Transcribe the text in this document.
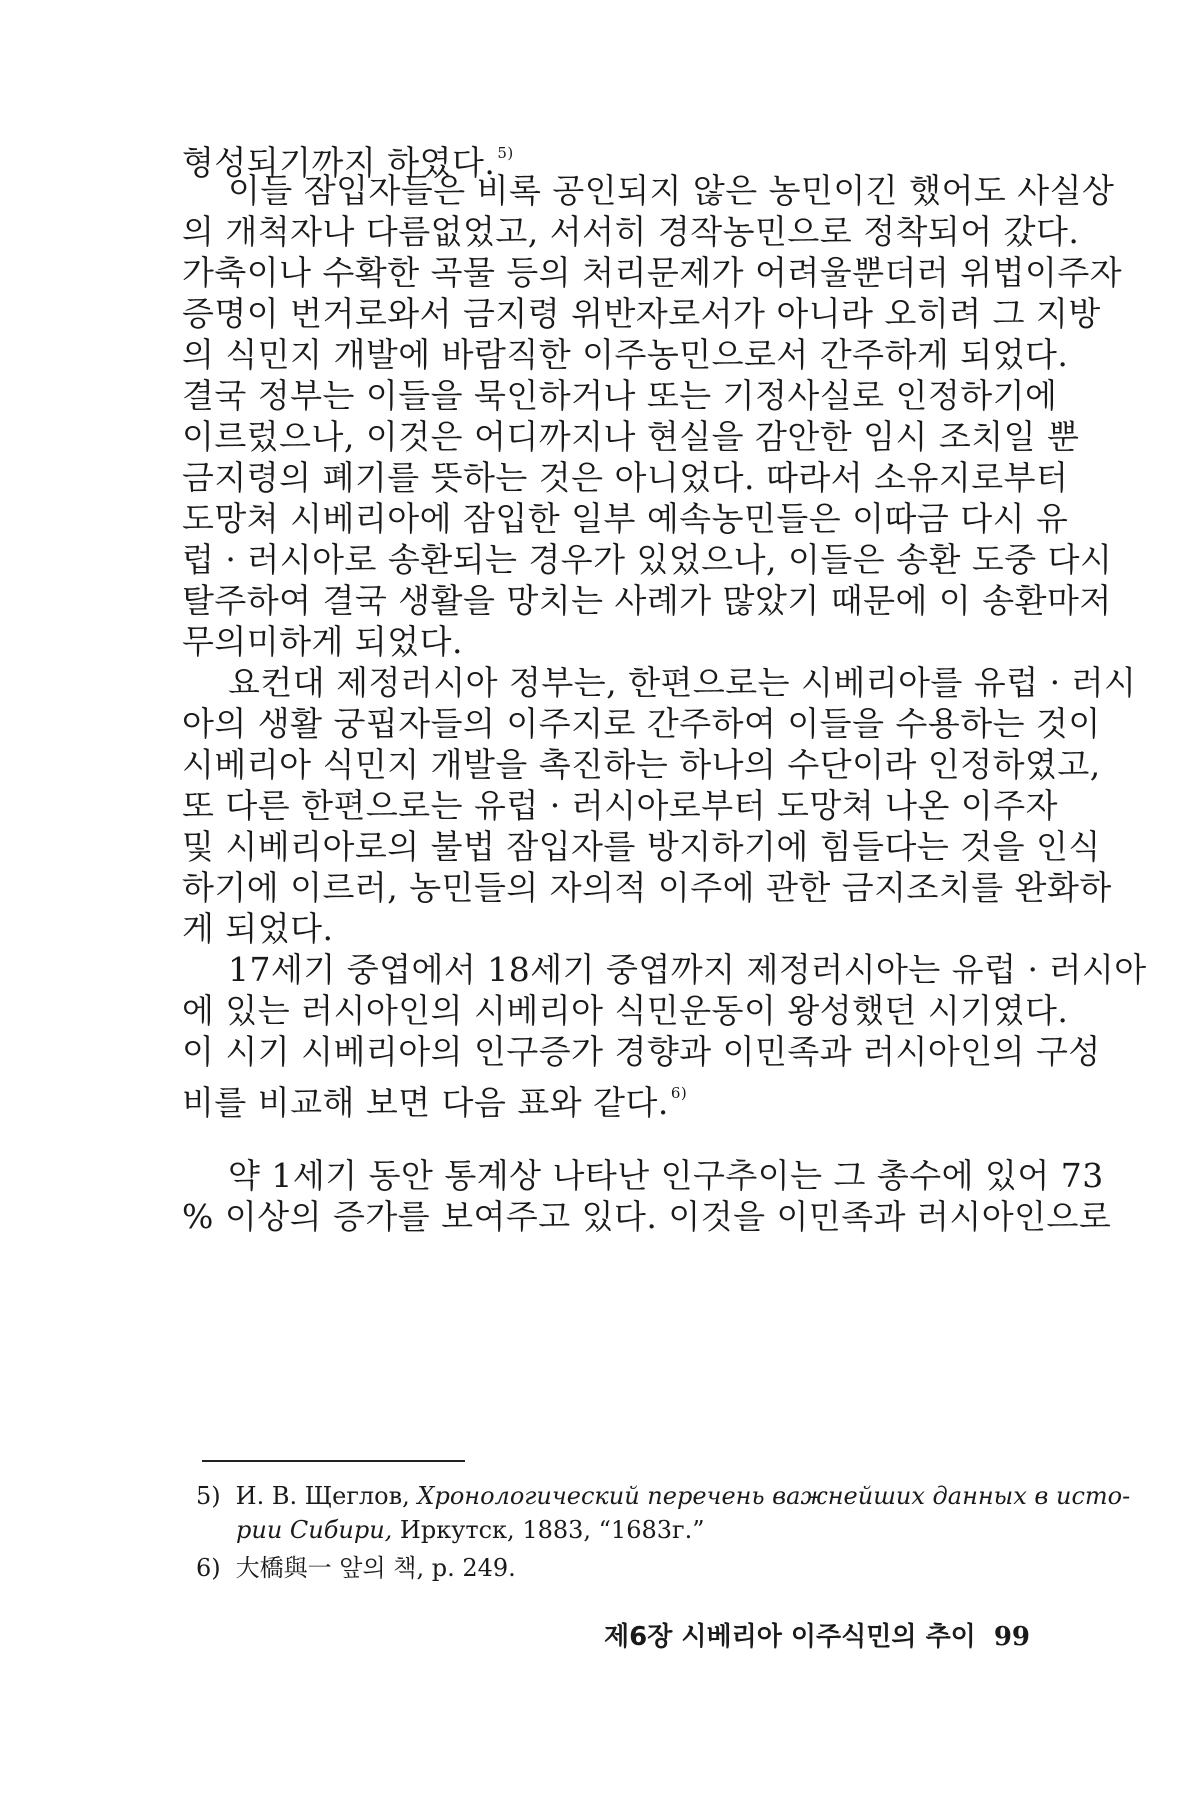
형성되기까지 하였다. $^{5)}$
이들 잠입자들은 비록 공인되지 않은 농민이긴 했어도 사실상
의 개척자나 다름없었고, 서서히 경작농민으로 정착되어 갔다.
가축이나 수확한 곡물 등의 처리문제가 어려울뿐더러 위법이주자
증명이 번거로와서 금지령 위반자로서가 아니라 오히려 그 지방
의 식민지 개발에 바람직한 이주농민으로서 간주하게 되었다.
결국 정부는 이들을 묵인하거나 또는 기정사실로 인정하기에
이르렀으나, 이것은 어디까지나 현실을 감안한 임시 조치일 뿐
금지령의 폐기를 뜻하는 것은 아니었다. 따라서 소유지로부터
도망쳐 시베리아에 잠입한 일부 예속농민들은 이따금 다시 유
럽 · 러시아로 송환되는 경우가 있었으나, 이들은 송환 도중 다시
탈주하여 결국 생활을 망치는 사례가 많았기 때문에 이 송환마저
무의미하게 되었다.
요컨대 제정러시아 정부는, 한편으로는 시베리아를 유럽 · 러시
아의 생활 궁핍자들의 이주지로 간주하여 이들을 수용하는 것이
시베리아 식민지 개발을 촉진하는 하나의 수단이라 인정하였고,
또 다른 한편으로는 유럽 · 러시아로부터 도망쳐 나온 이주자
및 시베리아로의 불법 잠입자를 방지하기에 힘들다는 것을 인식
하기에 이르러, 농민들의 자의적 이주에 관한 금지조치를 완화하
게 되었다.
17세기 중엽에서 18세기 중엽까지 제정러시아는 유럽 · 러시아
에 있는 러시아인의 시베리아 식민운동이 왕성했던 시기였다.
이 시기 시베리아의 인구증가 경향과 이민족과 러시아인의 구성
비를 비교해 보면 다음 표와 같다. $^{6)}$
약 1세기 동안 통계상 나타난 인구추이는 그 총수에 있어 73
% 이상의 증가를 보여주고 있다. 이것을 이민족과 러시아인으로
5) И. В. Щеглов, Хронологический перечень важнейших данных в исто-
рии Сибири, Иркутск, 1883, “1683г.”
6) 大橋與一 앞의 책, p. 249.
제6장 시베리아 이주식민의 추이 99
